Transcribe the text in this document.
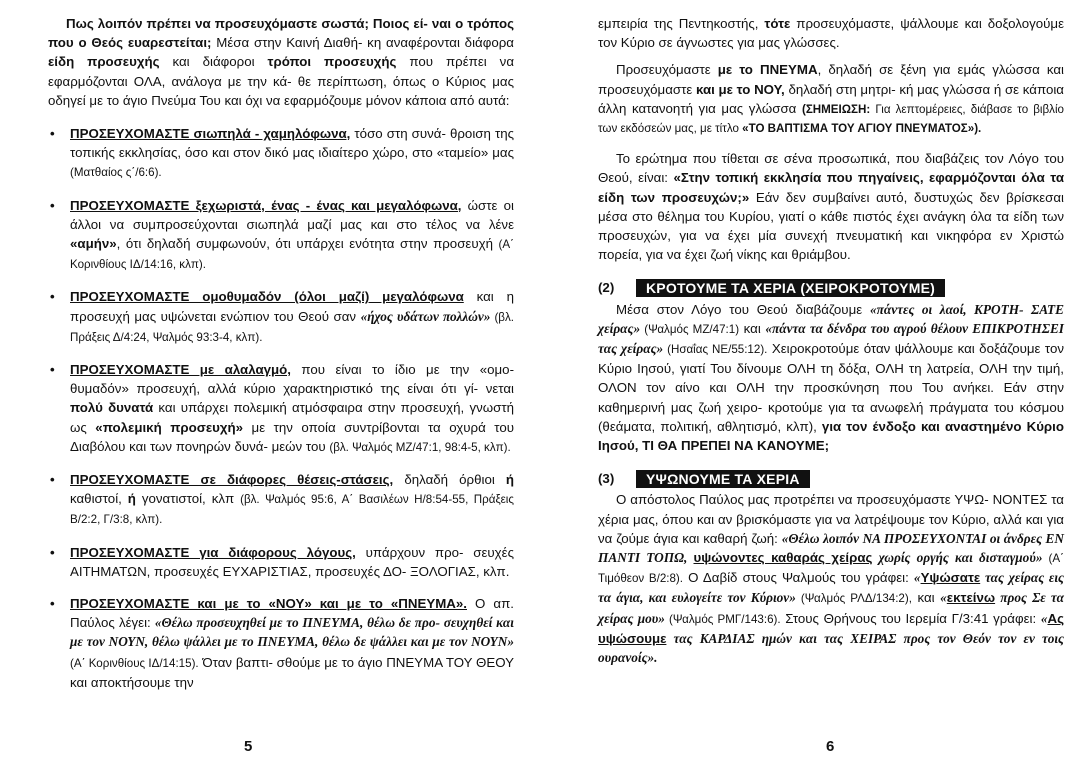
Πως λοιπόν πρέπει να προσευχόμαστε σωστά; Ποιος εί- ναι ο τρόπος που ο Θεός ευαρεστείται; Μέσα στην Καινή Διαθή- κη αναφέρονται διάφορα είδη προσευχής και διάφοροι τρόποι προσευχής που πρέπει να εφαρμόζονται ΟΛΑ, ανάλογα με την κά- θε περίπτωση, όπως ο Κύριος μας οδηγεί με το άγιο Πνεύμα Του και όχι να εφαρμόζουμε μόνον κάποια από αυτά:

• ΠΡΟΣΕΥΧΟΜΑΣΤΕ σιωπηλά - χαμηλόφωνα, τόσο στη συνά- θροιση της τοπικής εκκλησίας, όσο και στον δικό μας ιδιαίτερο χώρο, στο «ταμείο» μας (Ματθαίος ς΄/6:6).
• ΠΡΟΣΕΥΧΟΜΑΣΤΕ ξεχωριστά, ένας - ένας και μεγαλόφωνα, ώστε οι άλλοι να συμπροσεύχονται σιωπηλά μαζί μας και στο τέλος να λένε «αμήν», ότι δηλαδή συμφωνούν, ότι υπάρχει ενότητα στην προσευχή (Α΄ Κορινθίους ΙΔ/14:16, κλπ).
• ΠΡΟΣΕΥΧΟΜΑΣΤΕ ομοθυμαδόν (όλοι μαζί) μεγαλόφωνα και η προσευχή μας υψώνεται ενώπιον του Θεού σαν «ήχος υδάτων πολλών» (βλ. Πράξεις Δ/4:24, Ψαλμός 93:3-4, κλπ).
• ΠΡΟΣΕΥΧΟΜΑΣΤΕ με αλαλαγμό, που είναι το ίδιο με την «ομο- θυμαδόν» προσευχή, αλλά κύριο χαρακτηριστικό της είναι ότι γί- νεται πολύ δυνατά και υπάρχει πολεμική ατμόσφαιρα στην προσευχή, γνωστή ως «πολεμική προσευχή» με την οποία συντρίβονται τα οχυρά του Διαβόλου και των πονηρών δυνά- μεών του (βλ. Ψαλμός ΜΖ/47:1, 98:4-5, κλπ).
• ΠΡΟΣΕΥΧΟΜΑΣΤΕ σε διάφορες θέσεις-στάσεις, δηλαδή όρθιοι ή καθιστοί, ή γονατιστοί, κλπ (βλ. Ψαλμός 95:6, Α΄ Βασιλέων Η/8:54-55, Πράξεις Β/2:2, Γ/3:8, κλπ).
• ΠΡΟΣΕΥΧΟΜΑΣΤΕ για διάφορους λόγους, υπάρχουν προ- σευχές ΑΙΤΗΜΑΤΩΝ, προσευχές ΕΥΧΑΡΙΣΤΙΑΣ, προσευχές ΔΟ- ΞΟΛΟΓΙΑΣ, κλπ.
• ΠΡΟΣΕΥΧΟΜΑΣΤΕ και με το «ΝΟΥ» και με το «ΠΝΕΥΜΑ». Ο απ. Παύλος λέγει: «Θέλω προσευχηθεί με το ΠΝΕΥΜΑ, θέλω δε προ- σευχηθεί και με τον ΝΟΥΝ, θέλω ψάλλει με το ΠΝΕΥΜΑ, θέλω δε ψάλλει και με τον ΝΟΥΝ» (Α΄ Κορινθίους ΙΔ/14:15). Όταν βαπτι- σθούμε με το άγιο ΠΝΕΥΜΑ ΤΟΥ ΘΕΟΥ και αποκτήσουμε την
5

εμπειρία της Πεντηκοστής, τότε προσευχόμαστε, ψάλλουμε και δοξολογούμε τον Κύριο σε άγνωστες για μας γλώσσες.

Προσευχόμαστε με το ΠΝΕΥΜΑ, δηλαδή σε ξένη για εμάς γλώσσα και προσευχόμαστε και με το ΝΟΥ, δηλαδή στη μητρι- κή μας γλώσσα ή σε κάποια άλλη κατανοητή για μας γλώσσα (ΣΗΜΕΙΩΣΗ: Για λεπτομέρειες, διάβασε το βιβλίο των εκδόσεών μας, με τίτλο «ΤΟ ΒΑΠΤΙΣΜΑ ΤΟΥ ΑΓΙΟΥ ΠΝΕΥΜΑΤΟΣ»).

Το ερώτημα που τίθεται σε σένα προσωπικά, που διαβάζεις τον Λόγο του Θεού, είναι: «Στην τοπική εκκλησία που πηγαίνεις, εφαρμόζονται όλα τα είδη των προσευχών;» Εάν δεν συμβαίνει αυτό, δυστυχώς δεν βρίσκεσαι μέσα στο θέλημα του Κυρίου, γιατί ο κάθε πιστός έχει ανάγκη όλα τα είδη των προσευχών, για να έχει μία συνεχή πνευματική και νικηφόρα εν Χριστώ πορεία, για να έχει ζωή νίκης και θριάμβου.

(2)	ΚΡΟΤΟΥΜΕ ΤΑ ΧΕΡΙΑ (ΧΕΙΡΟΚΡΟΤΟΥΜΕ)

Μέσα στον Λόγο του Θεού διαβάζουμε «πάντες οι λαοί, ΚΡΟΤΗ- ΣΑΤΕ χείρας» (Ψαλμός ΜΖ/47:1) και «πάντα τα δένδρα του αγρού θέλουν ΕΠΙΚΡΟΤΗΣΕΙ τας χείρας» (Ησαΐας ΝΕ/55:12). Χειροκροτούμε όταν ψάλλουμε και δοξάζουμε τον Κύριο Ιησού, γιατί Του δίνουμε ΟΛΗ τη δόξα, ΟΛΗ τη λατρεία, ΟΛΗ την τιμή, ΟΛΟΝ τον αίνο και ΟΛΗ την προσκύνηση που Του ανήκει. Εάν στην καθημερινή μας ζωή χειρο- κροτούμε για τα ανωφελή πράγματα του κόσμου (θεάματα, πολιτική, αθλητισμό, κλπ), για τον ένδοξο και αναστημένο Κύριο Ιησού, ΤΙ ΘΑ ΠΡΕΠΕΙ ΝΑ ΚΑΝΟΥΜΕ;

(3)	ΥΨΩΝΟΥΜΕ ΤΑ ΧΕΡΙΑ

Ο απόστολος Παύλος μας προτρέπει να προσευχόμαστε ΥΨΩ- ΝΟΝΤΕΣ τα χέρια μας, όπου και αν βρισκόμαστε για να λατρέψουμε τον Κύριο, αλλά και για να ζούμε άγια και καθαρή ζωή: «Θέλω λοιπόν ΝΑ ΠΡΟΣΕΥΧΟΝΤΑΙ οι άνδρες ΕΝ ΠΑΝΤΙ ΤΟΠΩ, υψώνοντες καθαράς χείρας χωρίς οργής και δισταγμού» (Α΄ Τιμόθεον Β/2:8). Ο Δαβίδ στους Ψαλμούς του γράφει: «Υψώσατε τας χείρας εις τα άγια, και ευλογείτε τον Κύριον» (Ψαλμός ΡΛΔ/134:2), και «εκτείνω προς Σε τα χείρας μου» (Ψαλμός ΡΜΓ/143:6). Στους Θρήνους του Ιερεμία Γ/3:41 γράφει: «Ας υψώσουμε τας ΚΑΡΔΙΑΣ ημών και τας ΧΕΙΡΑΣ προς τον Θεόν τον εν τοις ουρανοίς».

6
